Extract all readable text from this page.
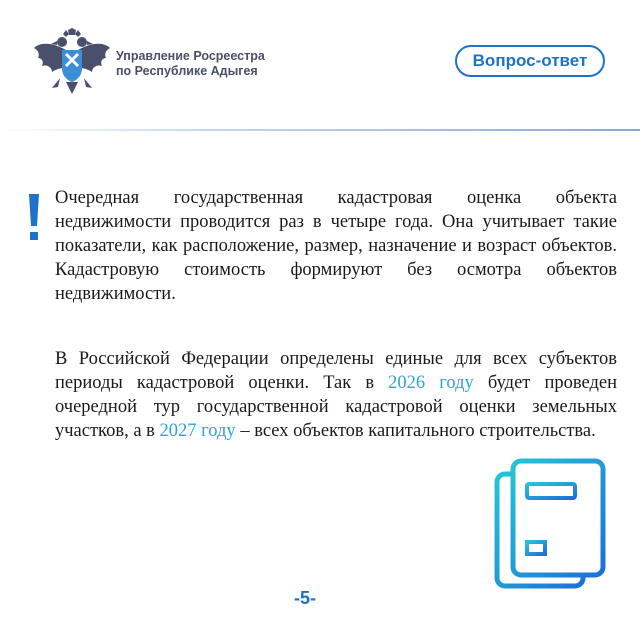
Управление Росреестра
по Республике Адыгея
Вопрос-ответ
Очередная государственная кадастровая оценка объекта недвижимости проводится раз в четыре года. Она учитывает такие показатели, как расположение, размер, назначение и возраст объектов. Кадастровую стоимость формируют без осмотра объектов недвижимости.
В Российской Федерации определены единые для всех субъектов периоды кадастровой оценки. Так в 2026 году будет проведен очередной тур государственной кадастровой оценки земельных участков, а в 2027 году – всех объектов капитального строительства.
-5-
